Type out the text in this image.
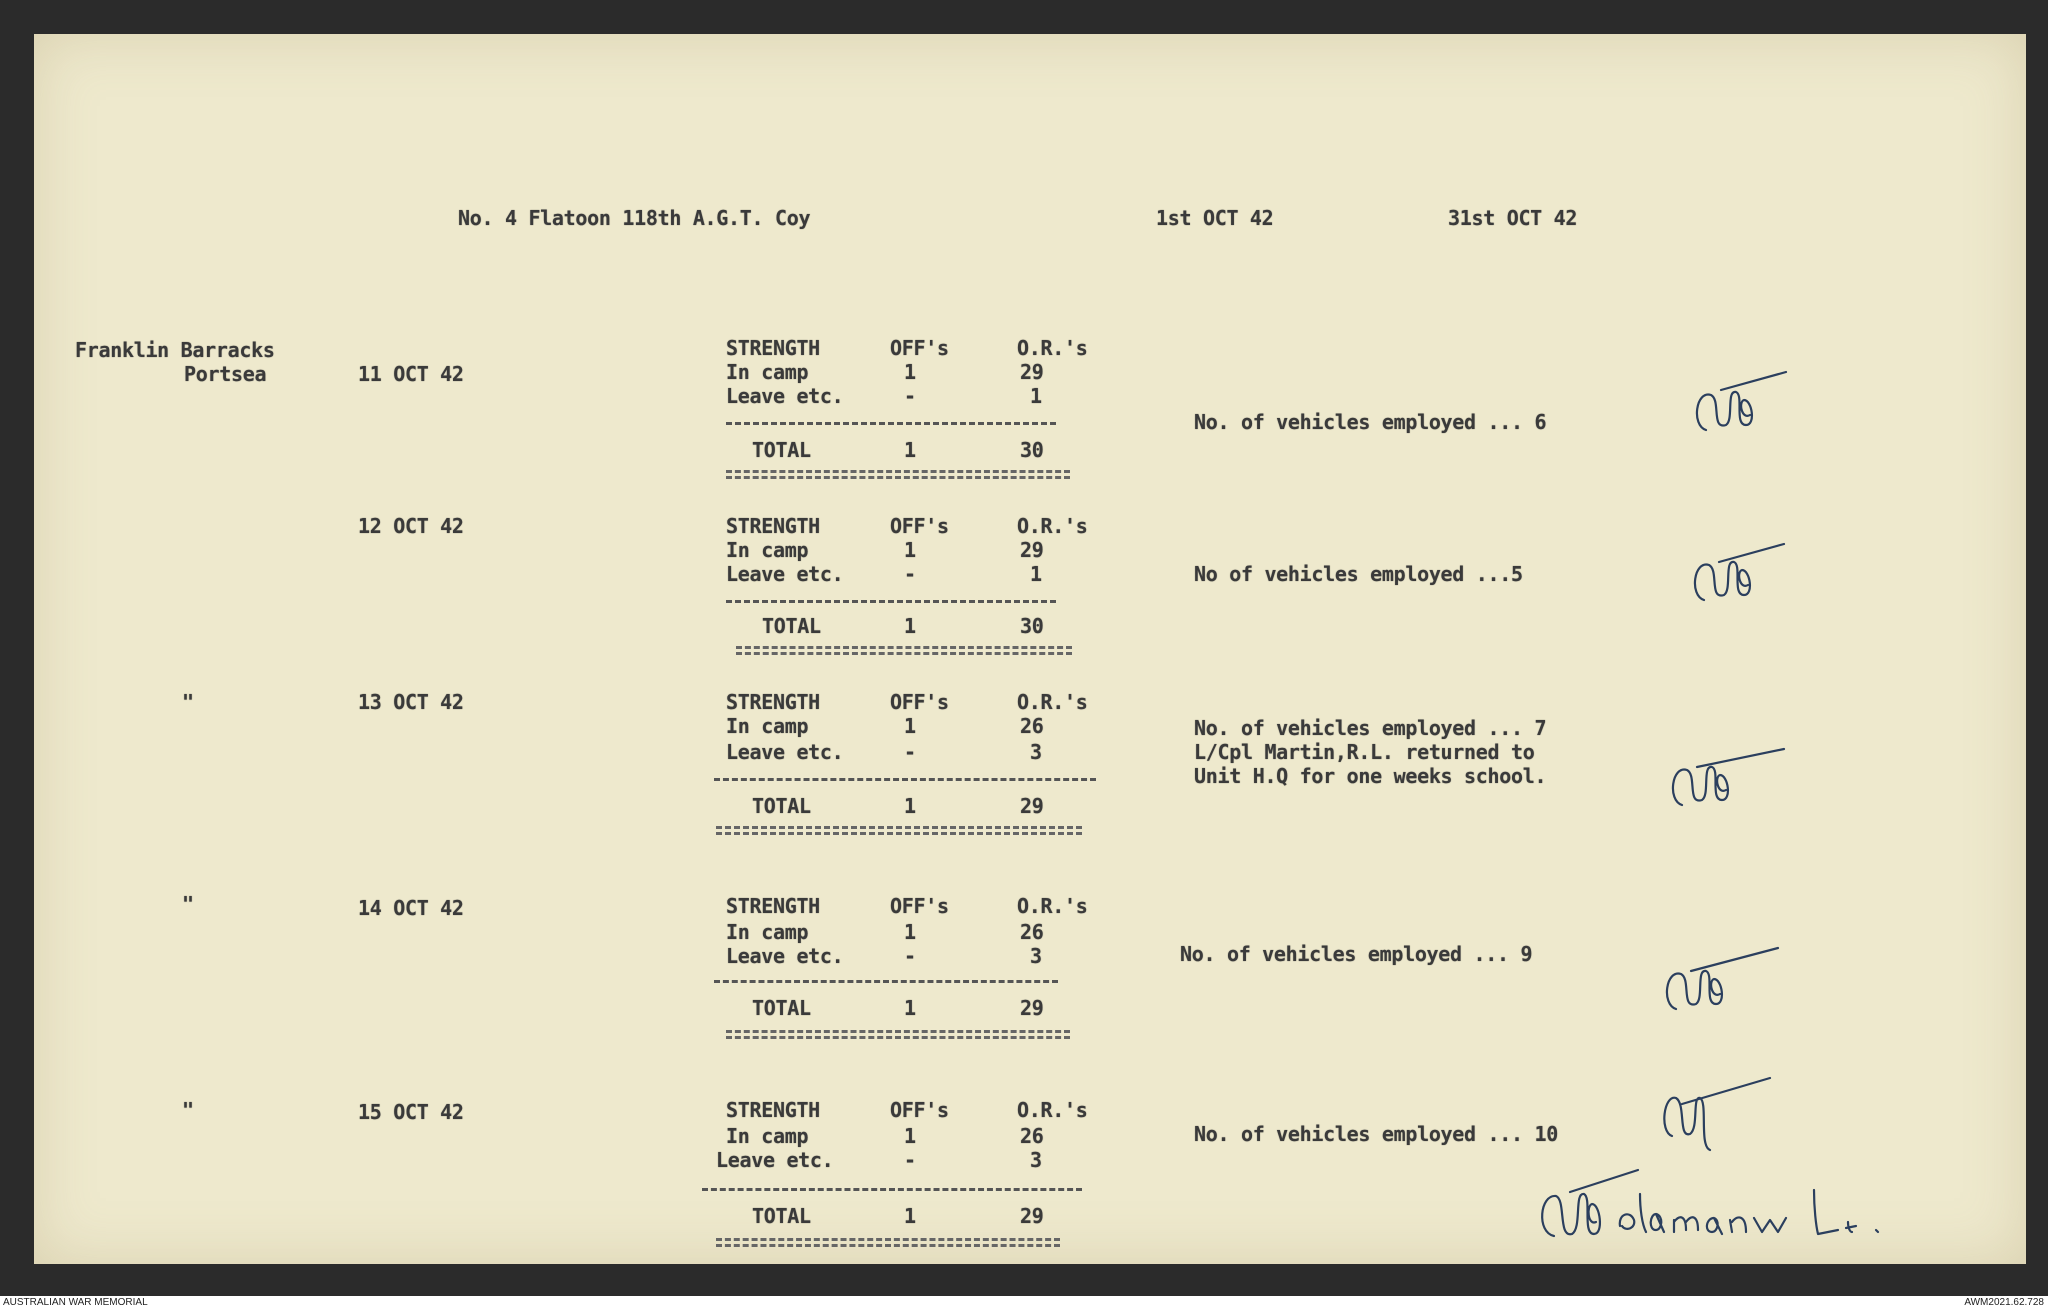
No. 4 Flatoon 118th A.G.T. Coy	1st OCT 42	31st OCT 42
Franklin Barracks
Portsea	11 OCT 42
STRENGTH	OFF's	O.R.'s
In camp	1	29
Leave etc.	-	1
TOTAL	1	30
No. of vehicles employed ... 6
12 OCT 42	STRENGTH	OFF's	O.R.'s
In camp	1	29
Leave etc.	-	1
TOTAL	1	30
No of vehicles employed ...5
"	13 OCT 42	STRENGTH	OFF's	O.R.'s
In camp	1	26
Leave etc.	-	3
TOTAL	1	29
No. of vehicles employed ... 7
L/Cpl Martin,R.L. returned to
Unit H.Q for one weeks school.
"	14 OCT 42	STRENGTH	OFF's	O.R.'s
In camp	1	26
Leave etc.	-	3
TOTAL	1	29
No. of vehicles employed ... 9
"	15 OCT 42	STRENGTH	OFF's	O.R.'s
In camp	1	26
Leave etc.	-	3
TOTAL	1	29
No. of vehicles employed ... 10
AUSTRALIAN WAR MEMORIAL	AWM2021.62.728
